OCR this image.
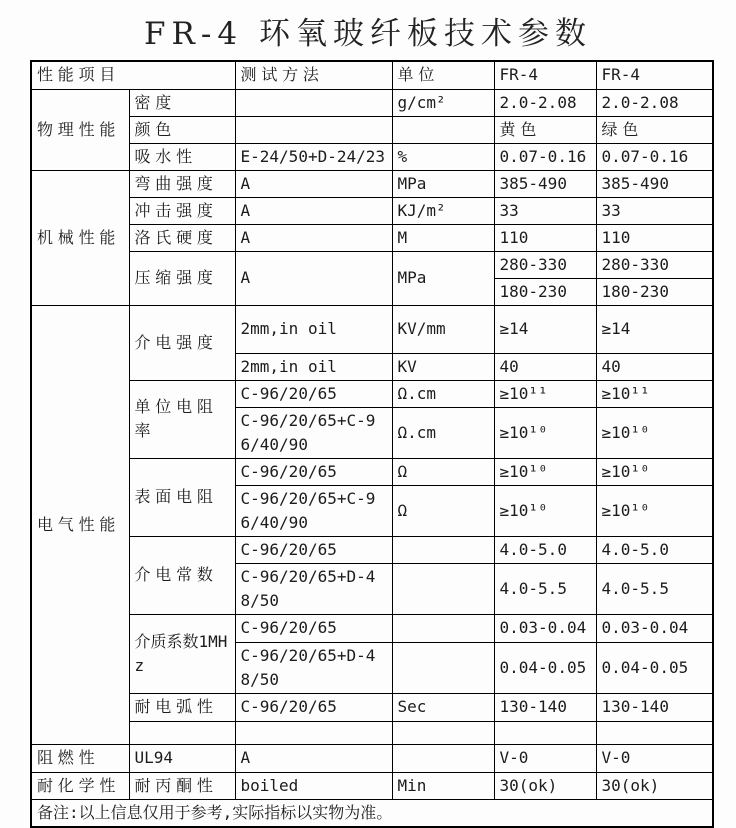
FR-4 环氧玻纤板技术参数
性能项目		测试方法	单位	FR-4	FR-4
物理性能	密度		g/cm²	2.0-2.08	2.0-2.08
	颜色			黄色	绿色
	吸水性	E-24/50+D-24/23	%	0.07-0.16	0.07-0.16
机械性能	弯曲强度	A	MPa	385-490	385-490
	冲击强度	A	KJ/m²	33	33
	洛氏硬度	A	M	110	110
	压缩强度	A	MPa	280-330	280-330
				180-230	180-230
电气性能	介电强度	2mm,in oil	KV/mm	≥14	≥14
		2mm,in oil	KV	40	40
	单位电阻率	C-96/20/65	Ω.cm	≥10¹¹	≥10¹¹
		C-96/20/65+C-96/40/90	Ω.cm	≥10¹⁰	≥10¹⁰
	表面电阻	C-96/20/65	Ω	≥10¹⁰	≥10¹⁰
		C-96/20/65+C-96/40/90	Ω	≥10¹⁰	≥10¹⁰
	介电常数	C-96/20/65		4.0-5.0	4.0-5.0
		C-96/20/65+D-48/50		4.0-5.5	4.0-5.5
	介质系数1MHz	C-96/20/65		0.03-0.04	0.03-0.04
		C-96/20/65+D-48/50		0.04-0.05	0.04-0.05
	耐电弧性	C-96/20/65	Sec	130-140	130-140

阻燃性	UL94	A		V-0	V-0
耐化学性	耐丙酮性	boiled	Min	30(ok)	30(ok)
备注:以上信息仅用于参考,实际指标以实物为准。					
